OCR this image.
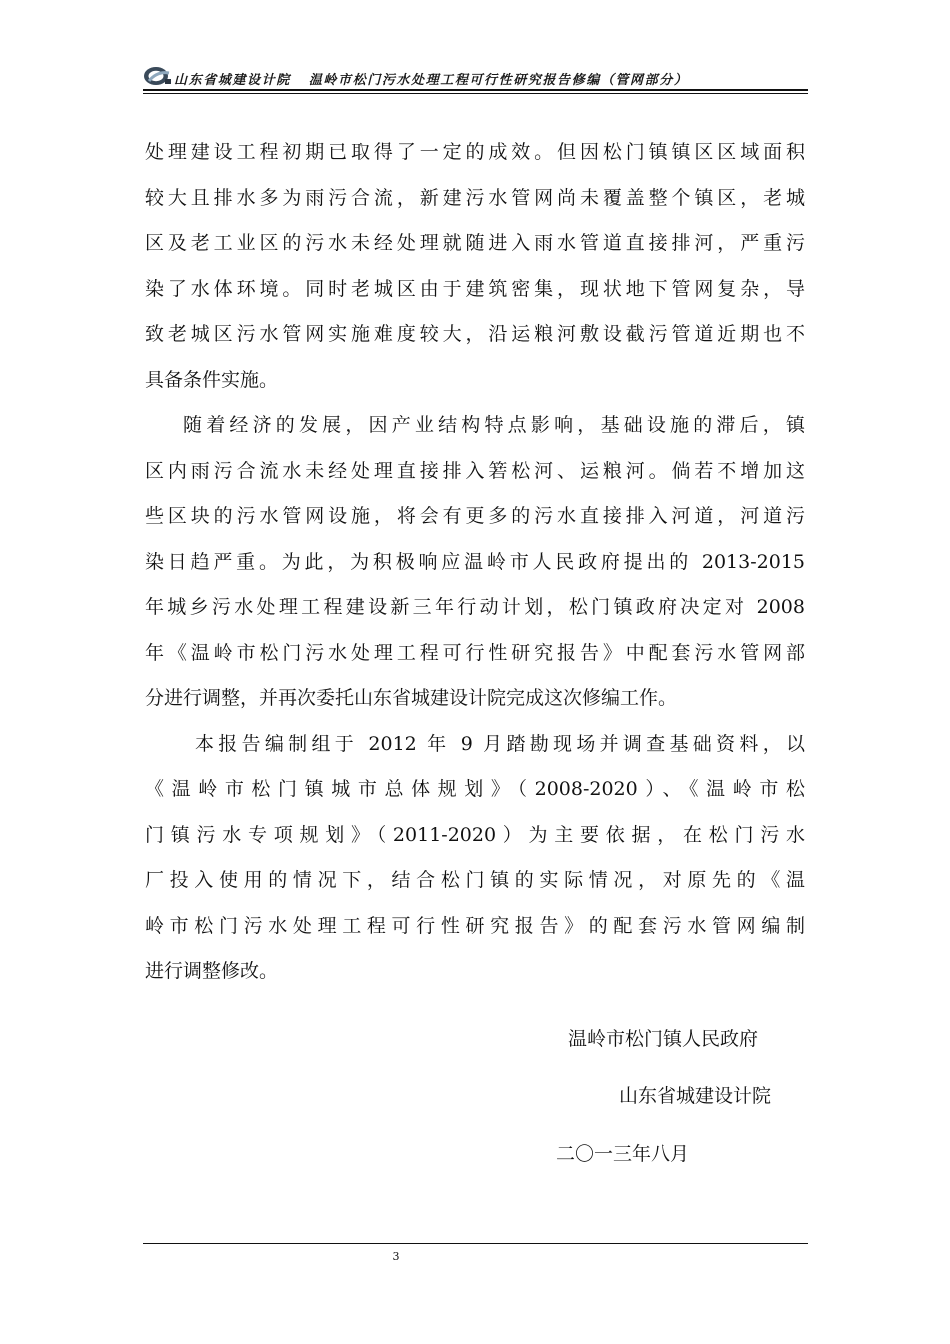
山东省城建设计院 温岭市松门污水处理工程可行性研究报告修编（管网部分）
处理建设工程初期已取得了一定的成效。但因松门镇镇区区域面积
较大且排水多为雨污合流，新建污水管网尚未覆盖整个镇区，老城
区及老工业区的污水未经处理就随进入雨水管道直接排河，严重污
染了水体环境。同时老城区由于建筑密集，现状地下管网复杂，导
致老城区污水管网实施难度较大，沿运粮河敷设截污管道近期也不
具备条件实施。
随着经济的发展，因产业结构特点影响，基础设施的滞后，镇
区内雨污合流水未经处理直接排入箬松河、运粮河。倘若不增加这
些区块的污水管网设施，将会有更多的污水直接排入河道，河道污
染日趋严重。为此，为积极响应温岭市人民政府提出的 2013-2015
年城乡污水处理工程建设新三年行动计划，松门镇政府决定对 2008
年《温岭市松门污水处理工程可行性研究报告》中配套污水管网部
分进行调整，并再次委托山东省城建设计院完成这次修编工作。
本报告编制组于 2012 年 9 月踏勘现场并调查基础资料，以
《温岭市松门镇城市总体规划》（2008-2020）、《温岭市松
门镇污水专项规划》（2011-2020）为主要依据，在松门污水
厂投入使用的情况下，结合松门镇的实际情况，对原先的《温
岭市松门污水处理工程可行性研究报告》的配套污水管网编制
进行调整修改。
温岭市松门镇人民政府
山东省城建设计院
二〇一三年八月
3
